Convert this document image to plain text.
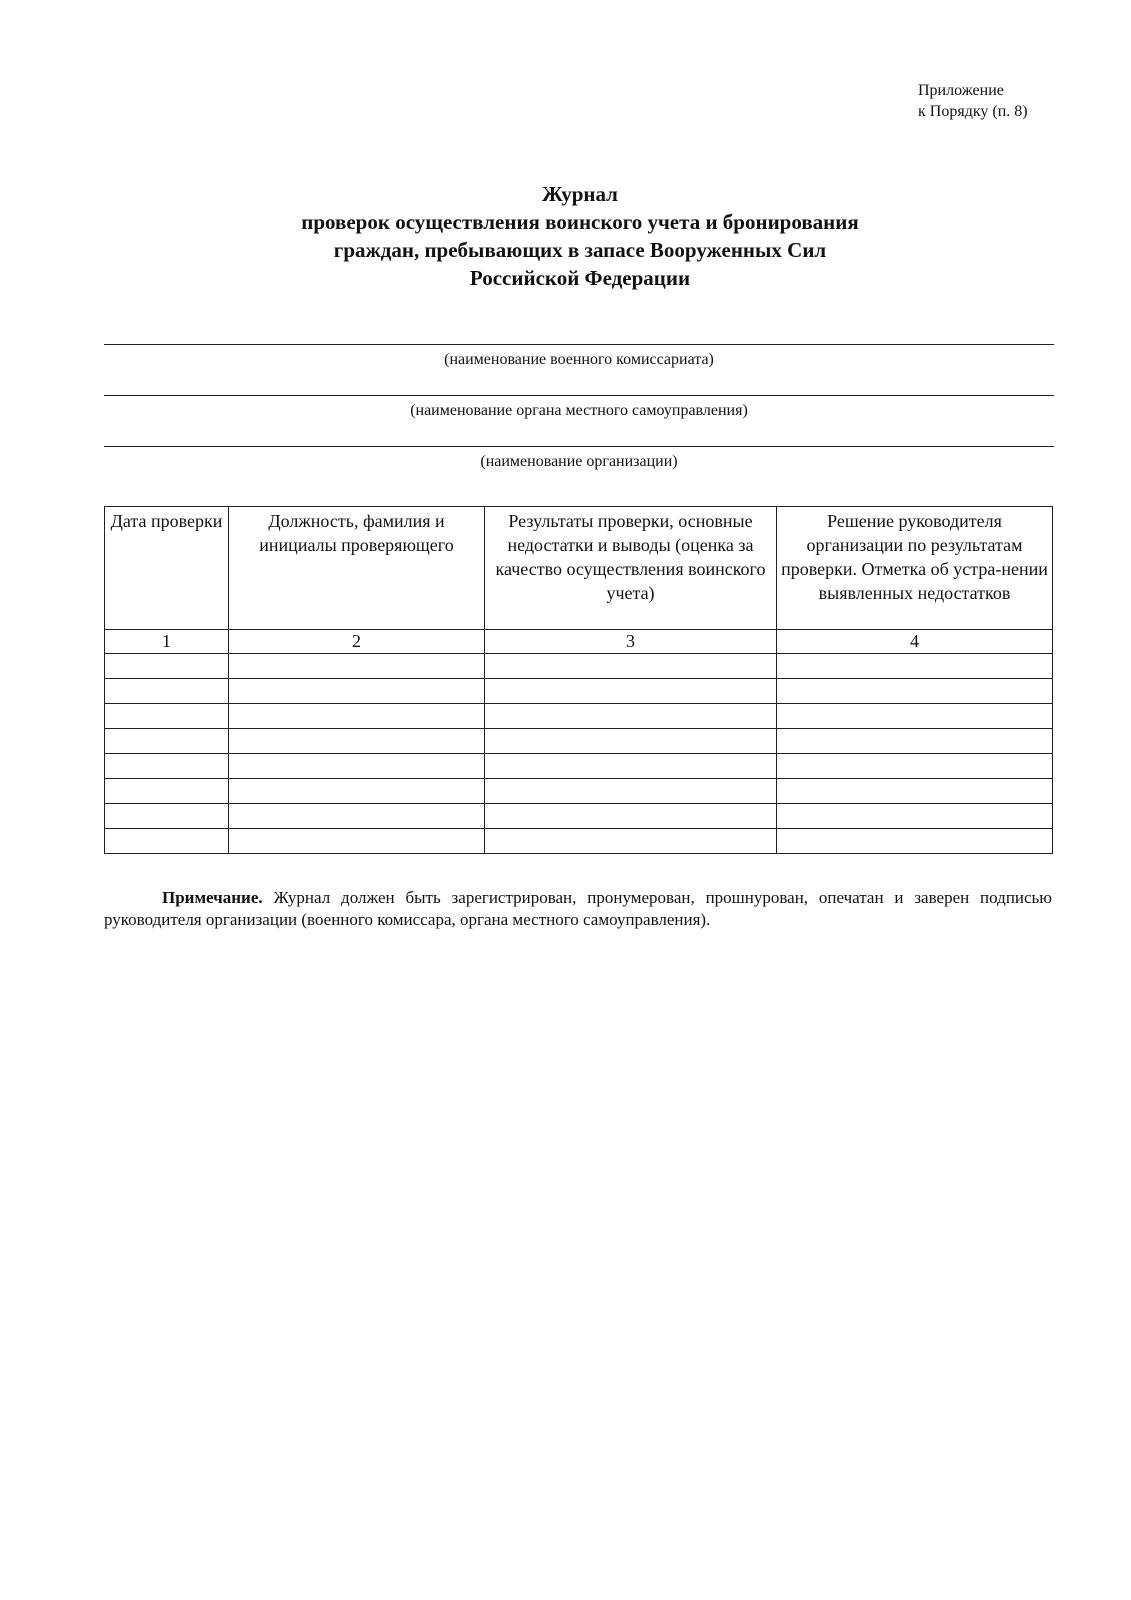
Приложение
к Порядку (п. 8)
Журнал
проверок осуществления воинского учета и бронирования
граждан, пребывающих в запасе Вооруженных Сил
Российской Федерации
(наименование военного комиссариата)
(наименование органа местного самоуправления)
(наименование организации)
Дата проверки	Должность, фамилия и инициалы проверяющего	Результаты проверки, основные недостатки и выводы (оценка за качество осуществления воинского учета)	Решение руководителя организации по результатам проверки. Отметка об устра-нении выявленных недостатков
1	2	3	4

Примечание. Журнал должен быть зарегистрирован, пронумерован, прошнурован, опечатан и заверен подписью руководителя организации (военного комиссара, органа местного самоуправления).
